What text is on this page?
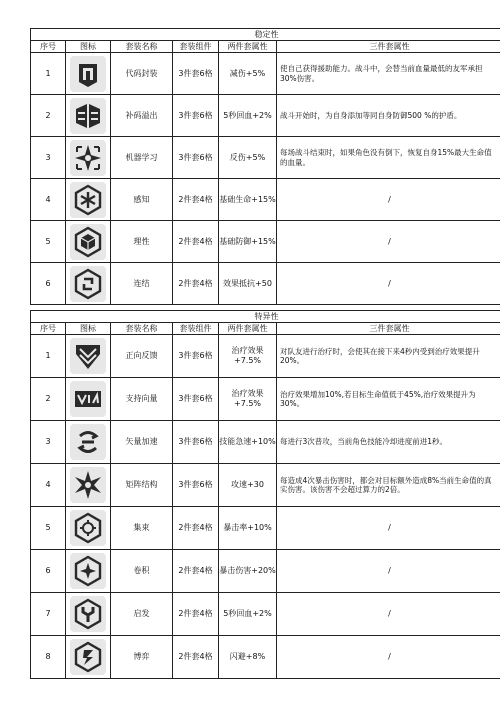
稳定性					
序号	图标	套装名称	套装组件	两件套属性	三件套属性
1		代码封装	3件套6格	减伤+5%	使自己获得援助能力。战斗中，会替当前血量最低的友军承担30%伤害。
2		补码溢出	3件套6格	5秒回血+2%	战斗开始时，为自身添加等同自身防御500 %的护盾。
3		机器学习	3件套6格	反伤+5%	每场战斗结束时，如果角色没有倒下，恢复自身15%最大生命值的血量。
4		感知	2件套4格	基础生命+15%	/
5		理性	2件套4格	基础防御+15%	/
6		连结	2件套4格	效果抵抗+50	/
特异性					
序号	图标	套装名称	套装组件	两件套属性	三件套属性
1		正向反馈	3件套6格	治疗效果+7.5%	对队友进行治疗时，会使其在接下来4秒内受到治疗效果提升20%。
2		支持向量	3件套6格	治疗效果+7.5%	治疗效果增加10%,若目标生命值低于45%,治疗效果提升为30%。
3		矢量加速	3件套6格	技能急速+10%	每进行3次普攻，当前角色技能冷却进度前进1秒。
4		矩阵结构	3件套6格	攻速+30	每造成4次暴击伤害时，都会对目标额外造成8%当前生命值的真实伤害。该伤害不会超过算力的2倍。
5		集束	2件套4格	暴击率+10%	/
6		卷积	2件套4格	暴击伤害+20%	/
7		启发	2件套4格	5秒回血+2%	/
8		博弈	2件套4格	闪避+8%	/
